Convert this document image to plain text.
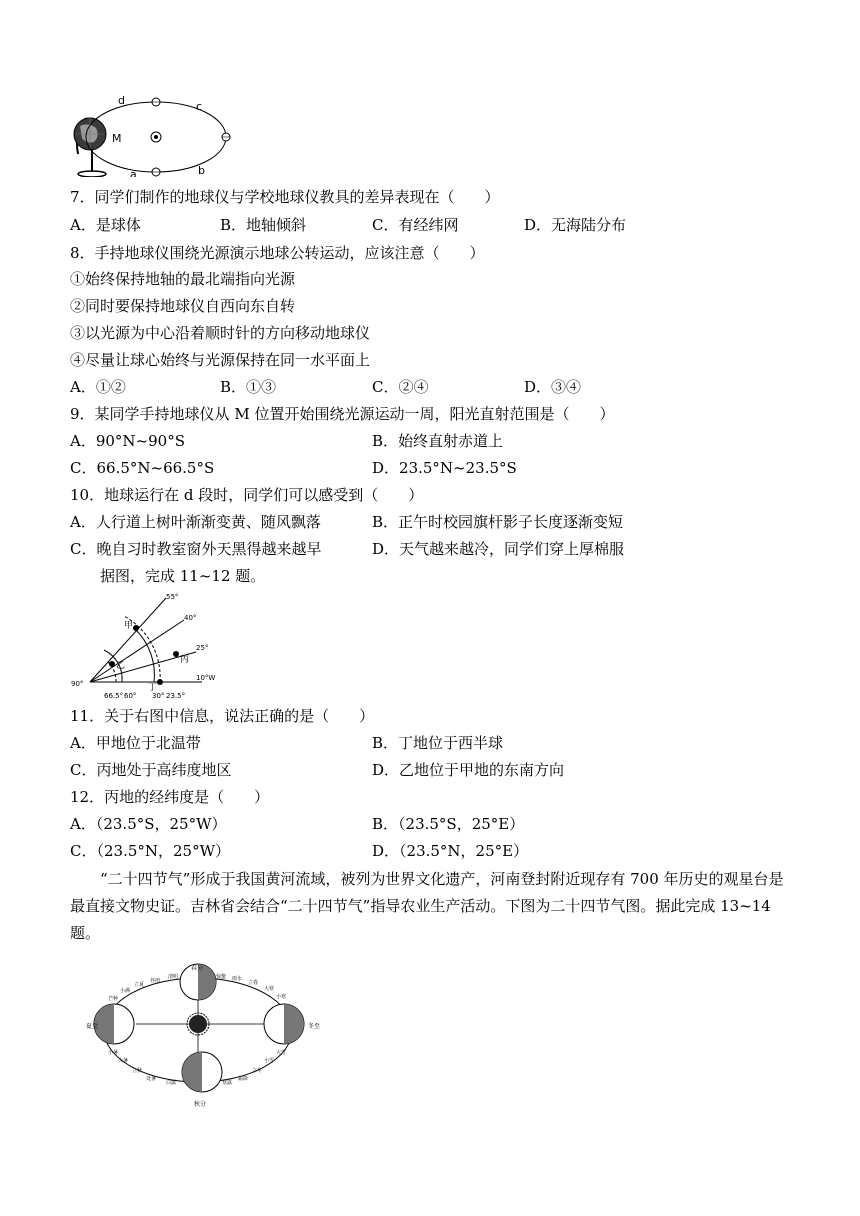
d	c
M
a	b
7．同学们制作的地球仪与学校地球仪教具的差异表现在（　　）
A．是球体	B．地轴倾斜	C．有经纬网	D．无海陆分布
8．手持地球仪围绕光源演示地球公转运动，应该注意（　　）
①始终保持地轴的最北端指向光源
②同时要保持地球仪自西向东自转
③以光源为中心沿着顺时针的方向移动地球仪
④尽量让球心始终与光源保持在同一水平面上
A．①②	B．①③	C．②④	D．③④
9．某同学手持地球仪从 M 位置开始围绕光源运动一周，阳光直射范围是（　　）
A．90°N~90°S	B．始终直射赤道上
C．66.5°N~66.5°S	D．23.5°N~23.5°S
10．地球运行在 d 段时，同学们可以感受到（　　）
A．人行道上树叶渐渐变黄、随风飘落	B．正午时校园旗杆影子长度逐渐变短
C．晚自习时教室窗外天黑得越来越早	D．天气越来越冷，同学们穿上厚棉服
据图，完成 11~12 题。
55°
40°
25°
10°W
90°
66.5° 60° 30° 23.5°
甲
乙
丙
丁
11．关于右图中信息，说法正确的是（　　）
A．甲地位于北温带	B．丁地位于西半球
C．丙地处于高纬度地区	D．乙地位于甲地的东南方向
12．丙地的经纬度是（　　）
A．（23.5°S，25°W）	B．（23.5°S，25°E）
C．（23.5°N，25°W）	D．（23.5°N，25°E）
“二十四节气”形成于我国黄河流域，被列为世界文化遗产，河南登封附近现存有 700 年历史的观星台是最直接文物史证。吉林省会结合“二十四节气”指导农业生产活动。下图为二十四节气图。据此完成 13~14 题。
春分
夏至
秋分
冬至
清明
谷雨
立夏
小满
芒种
小暑
大暑
立秋
处暑
白露	寒露
霜降
立冬
小雪
大雪
小寒
大寒
立春
雨水
惊蛰
